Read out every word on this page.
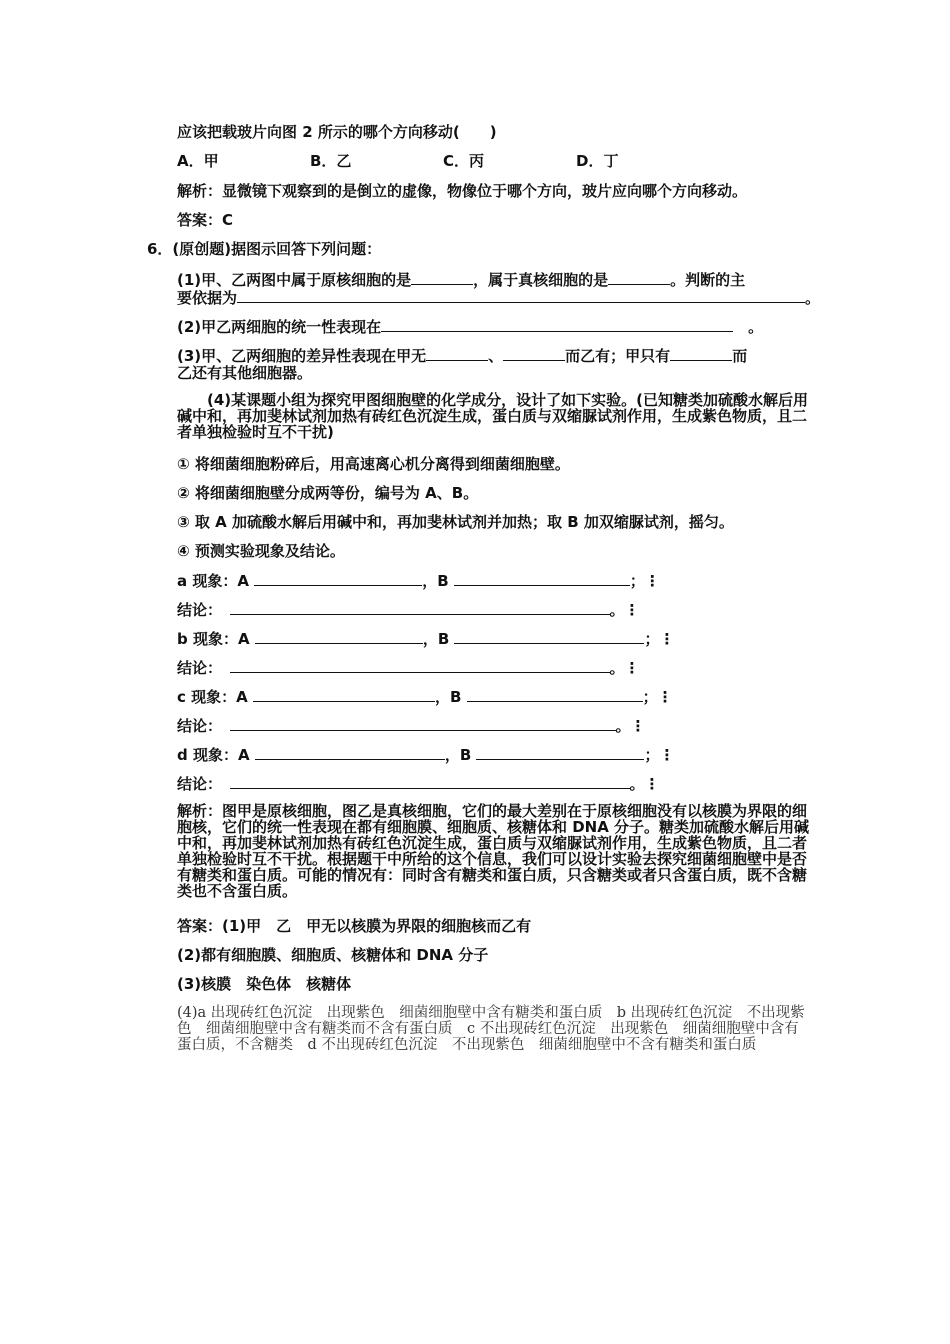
应该把载玻片向图 2 所示的哪个方向移动(　　)
A．甲	B．乙	C．丙	D．丁
解析：显微镜下观察到的是倒立的虚像，物像位于哪个方向，玻片应向哪个方向移动。
答案：C
6．(原创题)据图示回答下列问题：
(1)甲、乙两图中属于原核细胞的是	，属于真核细胞的是	。判断的主
要依据为	。
(2)甲乙两细胞的统一性表现在	　。
(3)甲、乙两细胞的差异性表现在甲无	、	而乙有；甲只有	而
乙还有其他细胞器。
(4)某课题小组为探究甲图细胞壁的化学成分，设计了如下实验。(已知糖类加硫酸水解后用碱中和，再加斐林试剂加热有砖红色沉淀生成，蛋白质与双缩脲试剂作用，生成紫色物质，且二者单独检验时互不干扰)
① 将细菌细胞粉碎后，用高速离心机分离得到细菌细胞壁。
② 将细菌细胞壁分成两等份，编号为 A、B。
③ 取 A 加硫酸水解后用碱中和，再加斐林试剂并加热；取 B 加双缩脲试剂，摇匀。
④ 预测实验现象及结论。
a 现象：A	，B	；⋮
结论：　	。⋮
b 现象：A	，B	；⋮
结论：　	。⋮
c 现象：A	，B	；⋮
结论：　	。⋮
d 现象：A	，B	；⋮
结论：　	。⋮
解析：图甲是原核细胞，图乙是真核细胞，它们的最大差别在于原核细胞没有以核膜为界限的细胞核，它们的统一性表现在都有细胞膜、细胞质、核糖体和 DNA 分子。糖类加硫酸水解后用碱中和，再加斐林试剂加热有砖红色沉淀生成，蛋白质与双缩脲试剂作用，生成紫色物质，且二者单独检验时互不干扰。根据题干中所给的这个信息，我们可以设计实验去探究细菌细胞壁中是否有糖类和蛋白质。可能的情况有：同时含有糖类和蛋白质，只含糖类或者只含蛋白质，既不含糖类也不含蛋白质。
答案：(1)甲　乙　甲无以核膜为界限的细胞核而乙有
(2)都有细胞膜、细胞质、核糖体和 DNA 分子
(3)核膜　染色体　核糖体
(4)a 出现砖红色沉淀　出现紫色　细菌细胞壁中含有糖类和蛋白质　b 出现砖红色沉淀　不出现紫色　细菌细胞壁中含有糖类而不含有蛋白质　c 不出现砖红色沉淀　出现紫色　细菌细胞壁中含有蛋白质，不含糖类　d 不出现砖红色沉淀　不出现紫色　细菌细胞壁中不含有糖类和蛋白质
